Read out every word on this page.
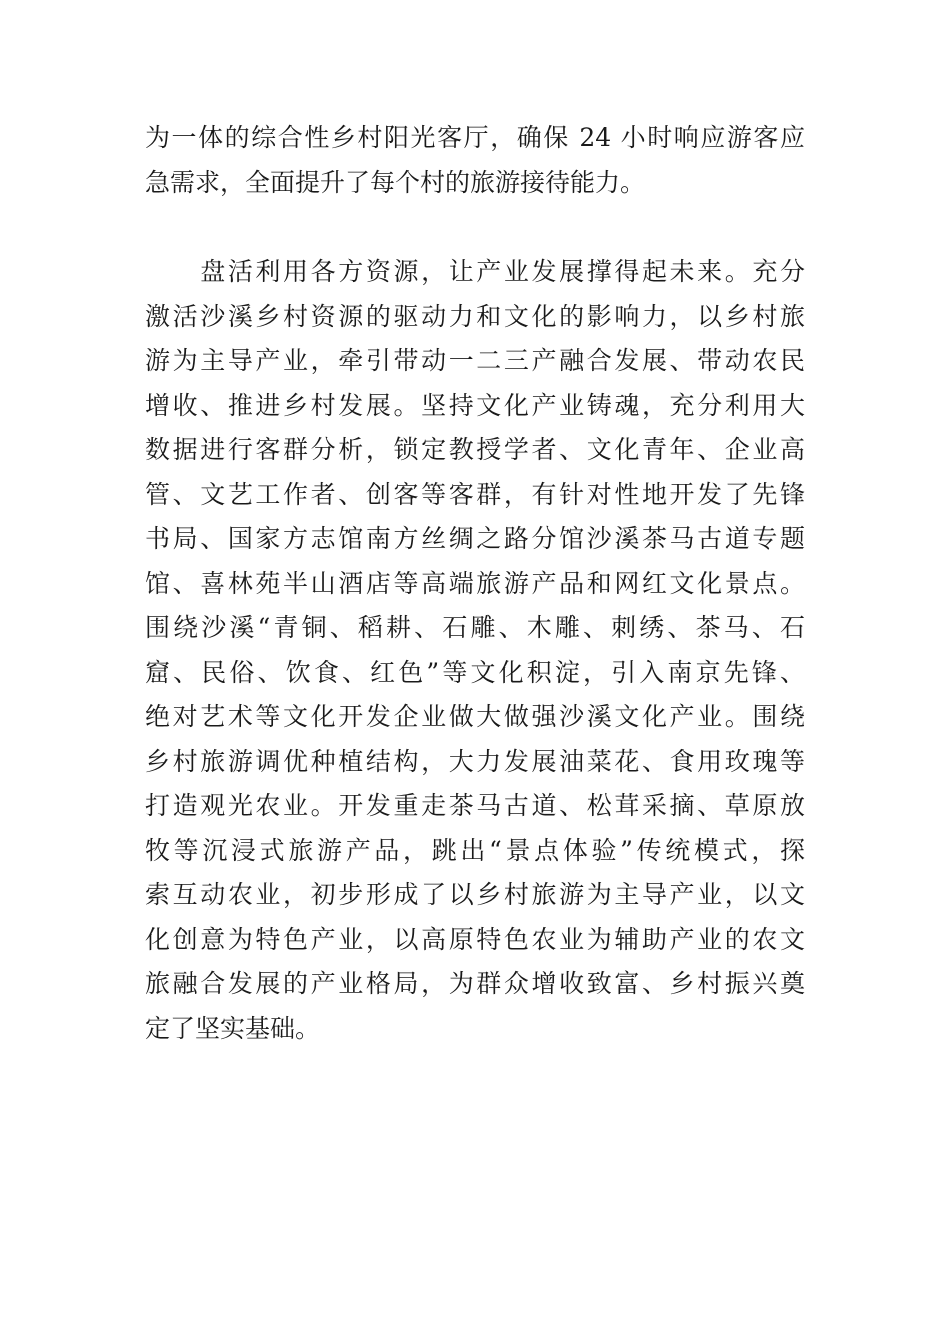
为一体的综合性乡村阳光客厅，确保 24 小时响应游客应
急需求，全面提升了每个村的旅游接待能力。
　　盘活利用各方资源，让产业发展撑得起未来。充分
激活沙溪乡村资源的驱动力和文化的影响力，以乡村旅
游为主导产业，牵引带动一二三产融合发展、带动农民
增收、推进乡村发展。坚持文化产业铸魂，充分利用大
数据进行客群分析，锁定教授学者、文化青年、企业高
管、文艺工作者、创客等客群，有针对性地开发了先锋
书局、国家方志馆南方丝绸之路分馆沙溪茶马古道专题
馆、喜林苑半山酒店等高端旅游产品和网红文化景点。
围绕沙溪“青铜、稻耕、石雕、木雕、刺绣、茶马、石
窟、民俗、饮食、红色”等文化积淀，引入南京先锋、
绝对艺术等文化开发企业做大做强沙溪文化产业。围绕
乡村旅游调优种植结构，大力发展油菜花、食用玫瑰等
打造观光农业。开发重走茶马古道、松茸采摘、草原放
牧等沉浸式旅游产品，跳出“景点体验”传统模式，探
索互动农业，初步形成了以乡村旅游为主导产业，以文
化创意为特色产业，以高原特色农业为辅助产业的农文
旅融合发展的产业格局，为群众增收致富、乡村振兴奠
定了坚实基础。
